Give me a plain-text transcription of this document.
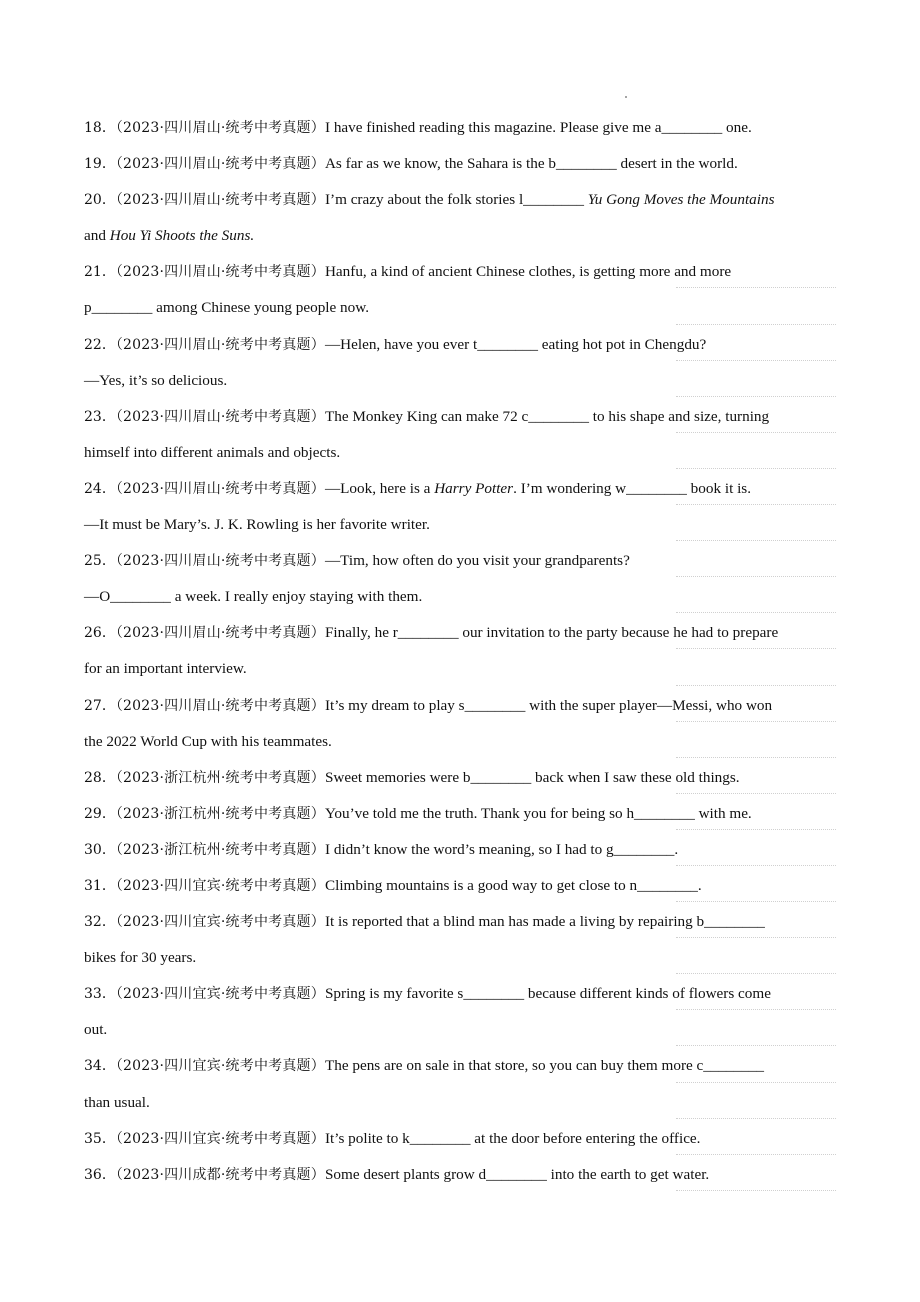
18．（2023·四川眉山·统考中考真题）I have finished reading this magazine. Please give me a________ one.
19．（2023·四川眉山·统考中考真题）As far as we know, the Sahara is the b________ desert in the world.
20．（2023·四川眉山·统考中考真题）I’m crazy about the folk stories l________ Yu Gong Moves the Mountains
and Hou Yi Shoots the Suns.
21．（2023·四川眉山·统考中考真题）Hanfu, a kind of ancient Chinese clothes, is getting more and more
p________ among Chinese young people now.
22．（2023·四川眉山·统考中考真题）—Helen, have you ever t________ eating hot pot in Chengdu?
—Yes, it’s so delicious.
23．（2023·四川眉山·统考中考真题）The Monkey King can make 72 c________ to his shape and size, turning
himself into different animals and objects.
24．（2023·四川眉山·统考中考真题）—Look, here is a Harry Potter. I’m wondering w________ book it is.
—It must be Mary’s. J. K. Rowling is her favorite writer.
25．（2023·四川眉山·统考中考真题）—Tim, how often do you visit your grandparents?
—O________ a week. I really enjoy staying with them.
26．（2023·四川眉山·统考中考真题）Finally, he r________ our invitation to the party because he had to prepare
for an important interview.
27．（2023·四川眉山·统考中考真题）It’s my dream to play s________ with the super player—Messi, who won
the 2022 World Cup with his teammates.
28．（2023·浙江杭州·统考中考真题）Sweet memories were b________ back when I saw these old things.
29．（2023·浙江杭州·统考中考真题）You’ve told me the truth. Thank you for being so h________ with me.
30．（2023·浙江杭州·统考中考真题）I didn’t know the word’s meaning, so I had to g________.
31．（2023·四川宜宾·统考中考真题）Climbing mountains is a good way to get close to n________.
32．（2023·四川宜宾·统考中考真题）It is reported that a blind man has made a living by repairing b________
bikes for 30 years.
33．（2023·四川宜宾·统考中考真题）Spring is my favorite s________ because different kinds of flowers come
out.
34．（2023·四川宜宾·统考中考真题）The pens are on sale in that store, so you can buy them more c________
than usual.
35．（2023·四川宜宾·统考中考真题）It’s polite to k________ at the door before entering the office.
36．（2023·四川成都·统考中考真题）Some desert plants grow d________ into the earth to get water.
